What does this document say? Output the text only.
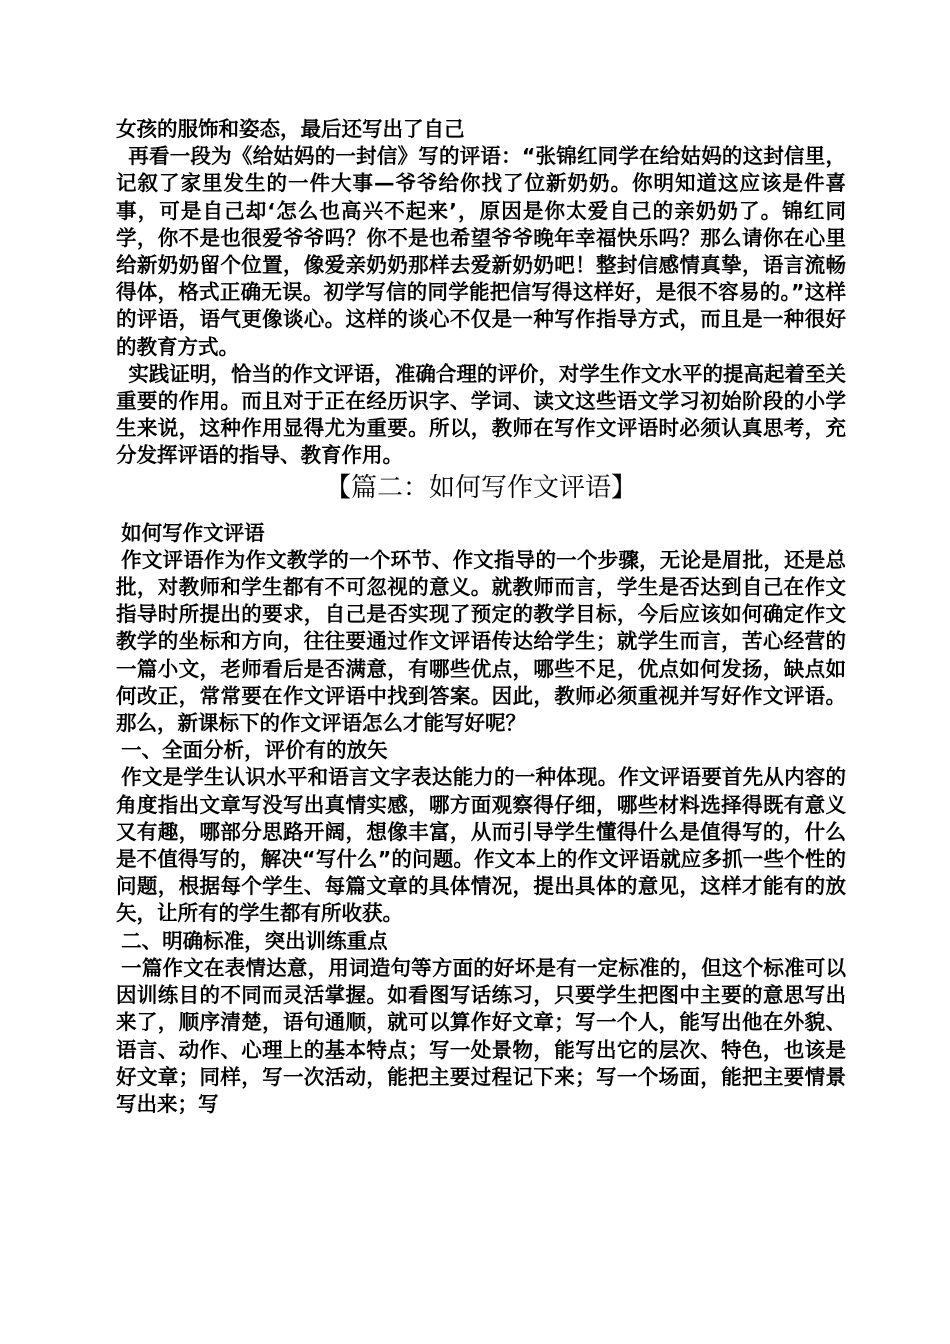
女孩的服饰和姿态，最后还写出了自己

再看一段为《给姑妈的一封信》写的评语：“张锦红同学在给姑妈的这封信里，记叙了家里发生的一件大事—爷爷给你找了位新奶奶。你明知道这应该是件喜事，可是自己却‘怎么也高兴不起来’，原因是你太爱自己的亲奶奶了。锦红同学，你不是也很爱爷爷吗？你不是也希望爷爷晚年幸福快乐吗？那么请你在心里给新奶奶留个位置，像爱亲奶奶那样去爱新奶奶吧！整封信感情真挚，语言流畅得体，格式正确无误。初学写信的同学能把信写得这样好，是很不容易的。”这样的评语，语气更像谈心。这样的谈心不仅是一种写作指导方式，而且是一种很好的教育方式。

实践证明，恰当的作文评语，准确合理的评价，对学生作文水平的提高起着至关重要的作用。而且对于正在经历识字、学词、读文这些语文学习初始阶段的小学生来说，这种作用显得尤为重要。所以，教师在写作文评语时必须认真思考，充分发挥评语的指导、教育作用。

【篇二：如何写作文评语】

如何写作文评语

作文评语作为作文教学的一个环节、作文指导的一个步骤，无论是眉批，还是总批，对教师和学生都有不可忽视的意义。就教师而言，学生是否达到自己在作文指导时所提出的要求，自己是否实现了预定的教学目标，今后应该如何确定作文教学的坐标和方向，往往要通过作文评语传达给学生；就学生而言，苦心经营的一篇小文，老师看后是否满意，有哪些优点，哪些不足，优点如何发扬，缺点如何改正，常常要在作文评语中找到答案。因此，教师必须重视并写好作文评语。那么，新课标下的作文评语怎么才能写好呢？

一、全面分析，评价有的放矢

作文是学生认识水平和语言文字表达能力的一种体现。作文评语要首先从内容的角度指出文章写没写出真情实感，哪方面观察得仔细，哪些材料选择得既有意义又有趣，哪部分思路开阔，想像丰富，从而引导学生懂得什么是值得写的，什么是不值得写的，解决“写什么”的问题。作文本上的作文评语就应多抓一些个性的问题，根据每个学生、每篇文章的具体情况，提出具体的意见，这样才能有的放矢，让所有的学生都有所收获。

二、明确标准，突出训练重点

一篇作文在表情达意，用词造句等方面的好坏是有一定标准的，但这个标准可以因训练目的不同而灵活掌握。如看图写话练习，只要学生把图中主要的意思写出来了，顺序清楚，语句通顺，就可以算作好文章；写一个人，能写出他在外貌、语言、动作、心理上的基本特点；写一处景物，能写出它的层次、特色，也该是好文章；同样，写一次活动，能把主要过程记下来；写一个场面，能把主要情景写出来；写
